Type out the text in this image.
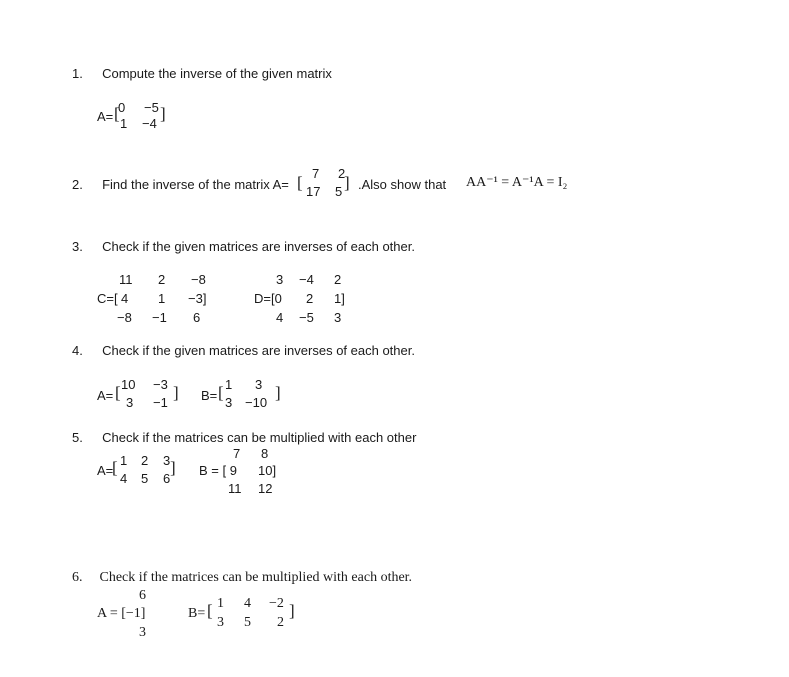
1. Compute the inverse of the given matrix
A= [
0 −5
1 −4
]
2. Find the inverse of the matrix A= [ 7 2
17 5 ] .Also show that AA⁻¹ = A⁻¹A = I₂
3. Check if the given matrices are inverses of each other.
C=[
11 2 −8
4 1 −3]
−8 −1 6
D=[0
3 −4 2
2 1]
4 −5 3
4. Check if the given matrices are inverses of each other.
A= [ 10 −3
3 −1
] B= [ 1 3
3 −10
]
5. Check if the matrices can be multiplied with each other
A=
[ 1 2 3
4 5 6
] B = [ 9
7 8
10]
11 12
6. Check if the matrices can be multiplied with each other.
6
A = [−1]
3
B= [ 1 4 −2
3 5 2
]
